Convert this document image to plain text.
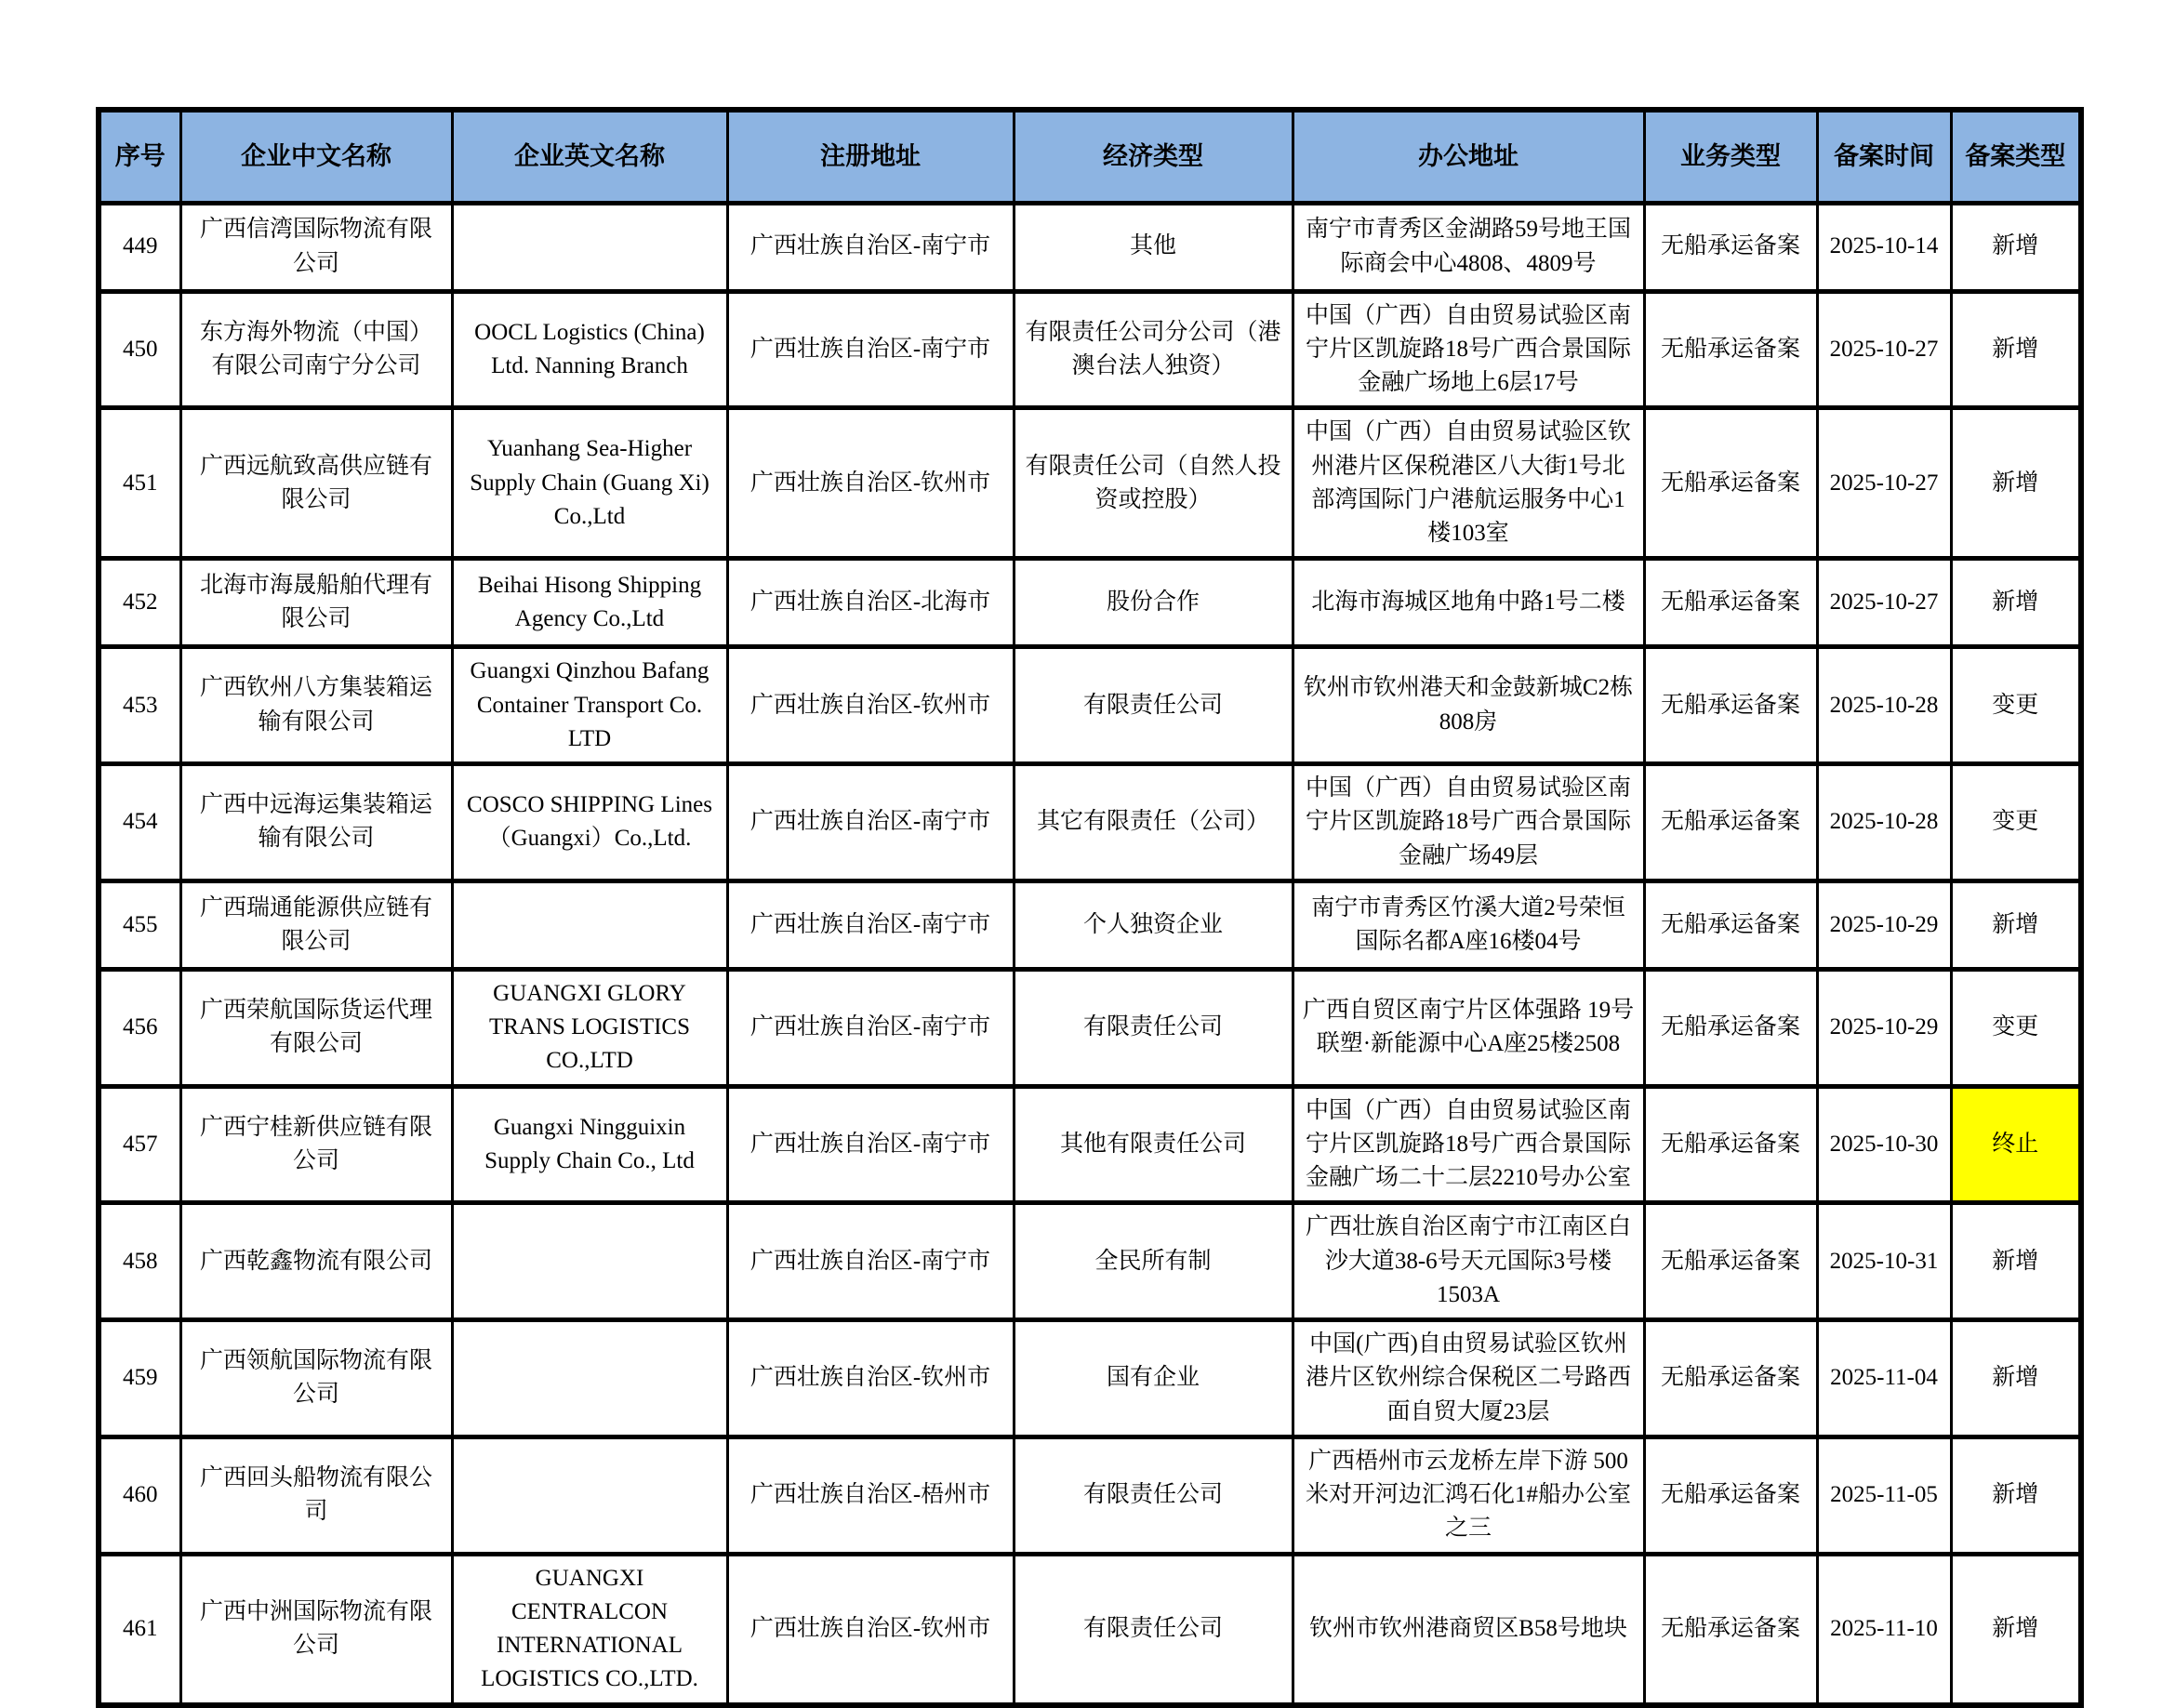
序号	企业中文名称	企业英文名称	注册地址	经济类型	办公地址	业务类型	备案时间	备案类型
449	广西信湾国际物流有限公司		广西壮族自治区-南宁市	其他	南宁市青秀区金湖路59号地王国际商会中心4808、4809号	无船承运备案	2025-10-14	新增
450	东方海外物流（中国）有限公司南宁分公司	OOCL Logistics (China) Ltd. Nanning Branch	广西壮族自治区-南宁市	有限责任公司分公司（港澳台法人独资）	中国（广西）自由贸易试验区南宁片区凯旋路18号广西合景国际金融广场地上6层17号	无船承运备案	2025-10-27	新增
451	广西远航致高供应链有限公司	Yuanhang Sea-Higher Supply Chain (Guang Xi) Co.,Ltd	广西壮族自治区-钦州市	有限责任公司（自然人投资或控股）	中国（广西）自由贸易试验区钦州港片区保税港区八大街1号北部湾国际门户港航运服务中心1楼103室	无船承运备案	2025-10-27	新增
452	北海市海晟船舶代理有限公司	Beihai Hisong Shipping Agency Co.,Ltd	广西壮族自治区-北海市	股份合作	北海市海城区地角中路1号二楼	无船承运备案	2025-10-27	新增
453	广西钦州八方集装箱运输有限公司	Guangxi Qinzhou Bafang Container Transport Co. LTD	广西壮族自治区-钦州市	有限责任公司	钦州市钦州港天和金鼓新城C2栋808房	无船承运备案	2025-10-28	变更
454	广西中远海运集装箱运输有限公司	COSCO SHIPPING Lines （Guangxi）Co.,Ltd.	广西壮族自治区-南宁市	其它有限责任（公司）	中国（广西）自由贸易试验区南宁片区凯旋路18号广西合景国际金融广场49层	无船承运备案	2025-10-28	变更
455	广西瑞通能源供应链有限公司		广西壮族自治区-南宁市	个人独资企业	南宁市青秀区竹溪大道2号荣恒国际名都A座16楼04号	无船承运备案	2025-10-29	新增
456	广西荣航国际货运代理有限公司	GUANGXI GLORY TRANS LOGISTICS CO.,LTD	广西壮族自治区-南宁市	有限责任公司	广西自贸区南宁片区体强路 19号联塑·新能源中心A座25楼2508	无船承运备案	2025-10-29	变更
457	广西宁桂新供应链有限公司	Guangxi Ningguixin Supply Chain Co., Ltd	广西壮族自治区-南宁市	其他有限责任公司	中国（广西）自由贸易试验区南宁片区凯旋路18号广西合景国际金融广场二十二层2210号办公室	无船承运备案	2025-10-30	终止
458	广西乾鑫物流有限公司		广西壮族自治区-南宁市	全民所有制	广西壮族自治区南宁市江南区白沙大道38-6号天元国际3号楼1503A	无船承运备案	2025-10-31	新增
459	广西领航国际物流有限公司		广西壮族自治区-钦州市	国有企业	中国(广西)自由贸易试验区钦州港片区钦州综合保税区二号路西面自贸大厦23层	无船承运备案	2025-11-04	新增
460	广西回头船物流有限公司		广西壮族自治区-梧州市	有限责任公司	广西梧州市云龙桥左岸下游 500米对开河边汇鸿石化1#船办公室之三	无船承运备案	2025-11-05	新增
461	广西中洲国际物流有限公司	GUANGXI CENTRALCON INTERNATIONAL LOGISTICS CO.,LTD.	广西壮族自治区-钦州市	有限责任公司	钦州市钦州港商贸区B58号地块	无船承运备案	2025-11-10	新增
